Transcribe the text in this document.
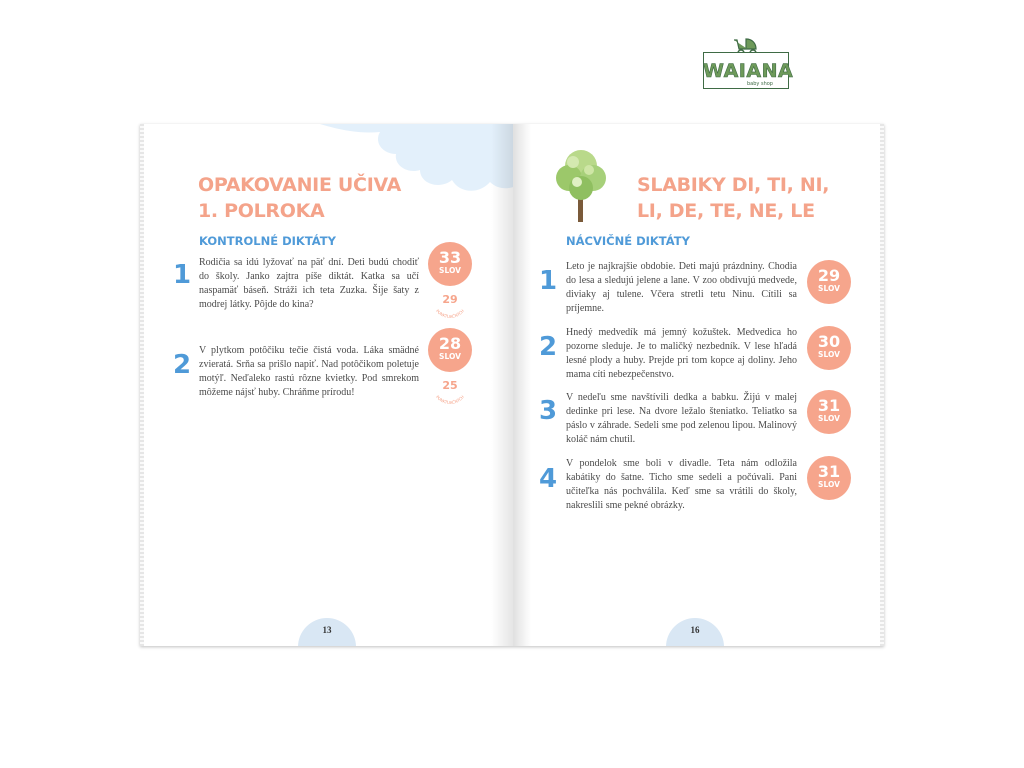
WAIANA
baby shop
OPAKOVANIE UČIVA
1. POLROKA
KONTROLNÉ DIKTÁTY
1 Rodičia sa idú lyžovať na päť dní. Deti budú chodiť do školy. Janko zajtra píše diktát. Katka sa učí naspamäť báseň. Stráži ich teta Zuzka. Šije šaty z modrej látky. Pôjde do kina?
33
SLOV
29
PUNKTUAČNÝCH
2 V plytkom potôčiku tečie čistá voda. Láka smädné zvieratá. Srňa sa prišlo napiť. Nad potôčikom poletuje motýľ. Neďaleko rastú rôzne kvietky. Pod smrekom môžeme nájsť huby. Chráňme prírodu!
28
SLOV
25
PUNKTUAČNÝCH
13
SLABIKY DI, TI, NI,
LI, DE, TE, NE, LE
NÁCVIČNÉ DIKTÁTY
1 Leto je najkrajšie obdobie. Deti majú prázdniny. Chodia do lesa a sledujú jelene a lane. V zoo obdivujú medvede, diviaky aj tulene. Včera stretli tetu Ninu. Cítili sa príjemne.
29
SLOV
2 Hnedý medvedík má jemný kožuštek. Medvedica ho pozorne sleduje. Je to maličký nezbedník. V lese hľadá lesné plody a huby. Prejde pri tom kopce aj doliny. Jeho mama cíti nebezpečenstvo.
30
SLOV
3 V nedeľu sme navštívili dedka a babku. Žijú v malej dedinke pri lese. Na dvore ležalo šteniatko. Teliatko sa páslo v záhrade. Sedeli sme pod zelenou lipou. Malinový koláč nám chutil.
31
SLOV
4
V pondelok sme boli v divadle. Teta nám odložila kabátiky do šatne. Ticho sme sedeli a počúvali. Pani učiteľka nás pochválila. Keď sme sa vrátili do školy, nakreslili sme pekné obrázky.
31
SLOV
16
